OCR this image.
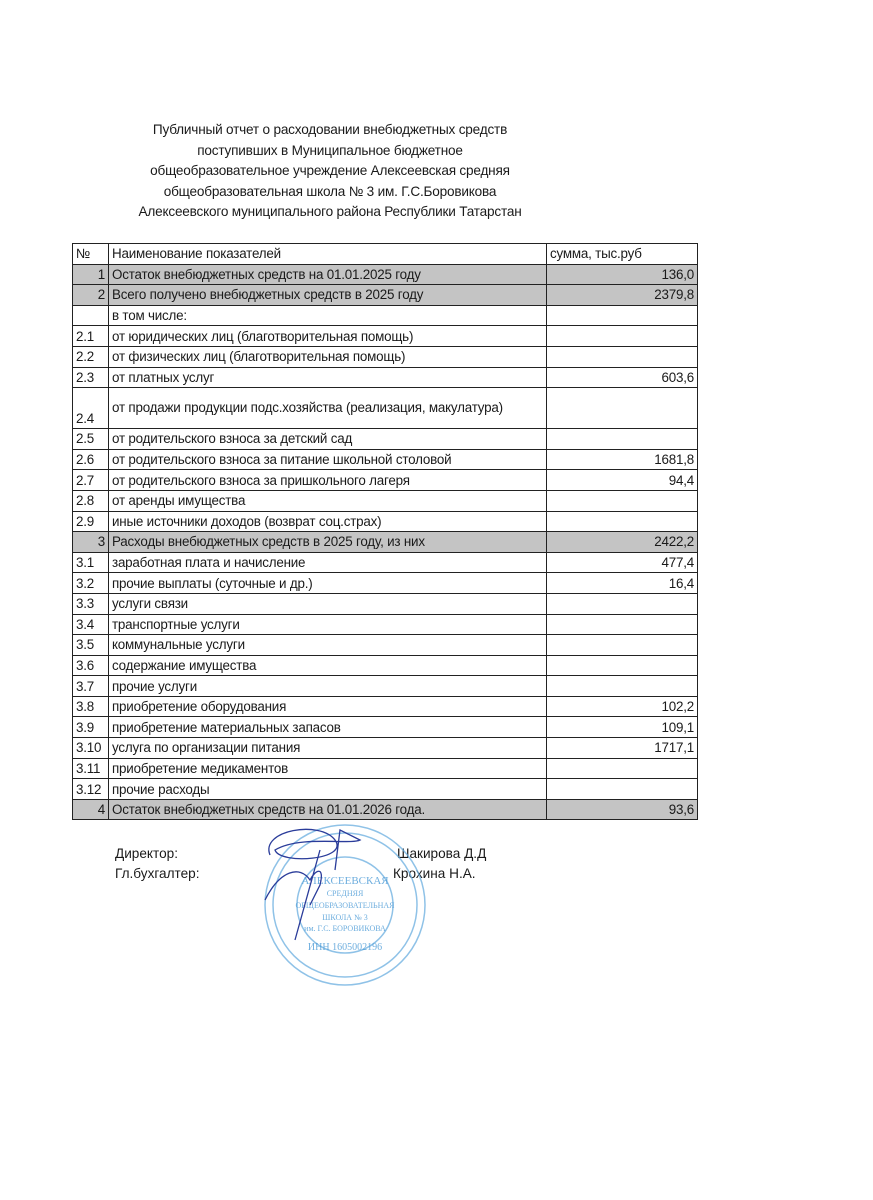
Публичный отчет о расходовании внебюджетных средств
поступивших в Муниципальное бюджетное
общеобразовательное учреждение Алексеевская средняя
общеобразовательная школа № 3 им. Г.С.Боровикова
Алексеевского муниципального района Республики Татарстан
№	Наименование показателей	сумма, тыс.руб
1	Остаток внебюджетных средств на 01.01.2025 году	136,0
2	Всего получено внебюджетных средств в 2025 году	2379,8
	в том числе:	
2.1	от юридических лиц (благотворительная помощь)	
2.2	от физических лиц (благотворительная помощь)	
2.3	от платных услуг	603,6
2.4	от продажи продукции подс.хозяйства (реализация, макулатура)	
2.5	от родительского взноса за детский сад	
2.6	от родительского взноса за питание школьной столовой	1681,8
2.7	от родительского взноса за пришкольного лагеря	94,4
2.8	от аренды имущества	
2.9	иные источники доходов (возврат соц.страх)	
3	Расходы внебюджетных средств в 2025 году, из них	2422,2
3.1	заработная плата и начисление	477,4
3.2	прочие выплаты (суточные и др.)	16,4
3.3	услуги связи	
3.4	транспортные услуги	
3.5	коммунальные услуги	
3.6	содержание имущества	
3.7	прочие услуги	
3.8	приобретение оборудования	102,2
3.9	приобретение материальных запасов	109,1
3.10	услуга по организации питания	1717,1
3.11	приобретение медикаментов	
3.12	прочие расходы	
4	Остаток внебюджетных средств на 01.01.2026 года.	93,6
Директор:	Шакирова Д.Д
Гл.бухгалтер:	Крохина Н.А.
АЛЕКСЕЕВСКАЯ
СРЕДНЯЯ
ОБЩЕОБРАЗОВАТЕЛЬНАЯ
ШКОЛА № 3
им. Г.С. БОРОВИКОВА
ИНН 1605002196
